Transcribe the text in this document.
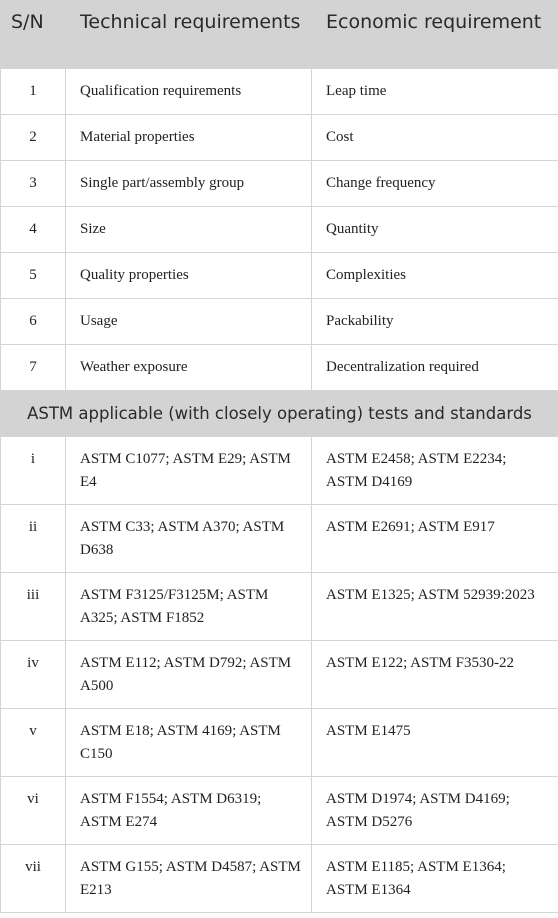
S/N	Technical requirements	Economic requirement
1	Qualification requirements	Leap time
2	Material properties	Cost
3	Single part/assembly group	Change frequency
4	Size	Quantity
5	Quality properties	Complexities
6	Usage	Packability
7	Weather exposure	Decentralization required
ASTM applicable (with closely operating) tests and standards		
i	ASTM C1077; ASTM E29; ASTM E4	ASTM E2458; ASTM E2234; ASTM D4169
ii	ASTM C33; ASTM A370; ASTM D638	ASTM E2691; ASTM E917
iii	ASTM F3125/F3125M; ASTM A325; ASTM F1852	ASTM E1325; ASTM 52939:2023
iv	ASTM E112; ASTM D792; ASTM A500	ASTM E122; ASTM F3530-22
v	ASTM E18; ASTM 4169; ASTM C150	ASTM E1475
vi	ASTM F1554; ASTM D6319; ASTM E274	ASTM D1974; ASTM D4169; ASTM D5276
vii	ASTM G155; ASTM D4587; ASTM E213	ASTM E1185; ASTM E1364; ASTM E1364
